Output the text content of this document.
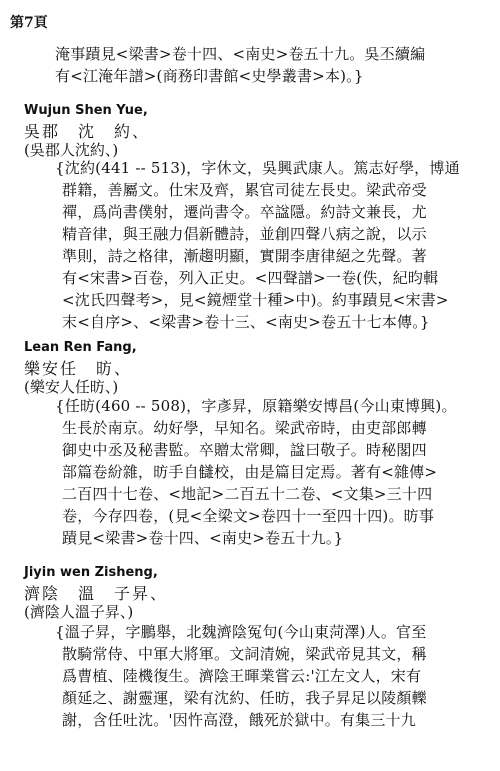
第7頁
淹事蹟見<梁書>卷十四、<南史>卷五十九。吳丕續編
有<江淹年譜>(商務印書館<史學叢書>本)。}
Wujun Shen Yue,
吳郡　沈　約、
(吳郡人沈約、)
{沈約(441 -- 513)，字休文，吳興武康人。篤志好學，博通
群籍，善屬文。仕宋及齊，累官司徒左長史。梁武帝受
禪，爲尚書僕射，遷尚書令。卒諡隱。約詩文兼長，尤
精音律，與王融力倡新體詩，並創四聲八病之說，以示
準則，詩之格律，漸趨明顯，實開李唐律絕之先聲。著
有<宋書>百卷，列入正史。<四聲譜>一卷(佚，紀昀輯
<沈氏四聲考>，見<鏡煙堂十種>中)。約事蹟見<宋書>
末<自序>、<梁書>卷十三、<南史>卷五十七本傳。}
Lean Ren Fang,
樂安任　昉、
(樂安人任昉、)
{任昉(460 -- 508)，字彥昇，原籍樂安博昌(今山東博興)。
生長於南京。幼好學，早知名。梁武帝時，由吏部郎轉
御史中丞及秘書監。卒贈太常卿，諡曰敬子。時秘閣四
部篇卷紛雜，昉手自讎校，由是篇目定焉。著有<雜傳>
二百四十七卷、<地記>二百五十二卷、<文集>三十四
卷，今存四卷，(見<全梁文>卷四十一至四十四)。昉事
蹟見<梁書>卷十四、<南史>卷五十九。}
Jiyin wen Zisheng,
濟陰　溫　子昇、
(濟陰人溫子昇、)
{溫子昇，字鵬舉，北魏濟陰冤句(今山東菏澤)人。官至
散騎常侍、中軍大將軍。文詞清婉，梁武帝見其文，稱
爲曹植、陸機復生。濟陰王暉業嘗云:'江左文人，宋有
顏延之、謝靈運，梁有沈約、任昉，我子昇足以陵顏轢
謝，含任吐沈。'因忤高澄，餓死於獄中。有集三十九
